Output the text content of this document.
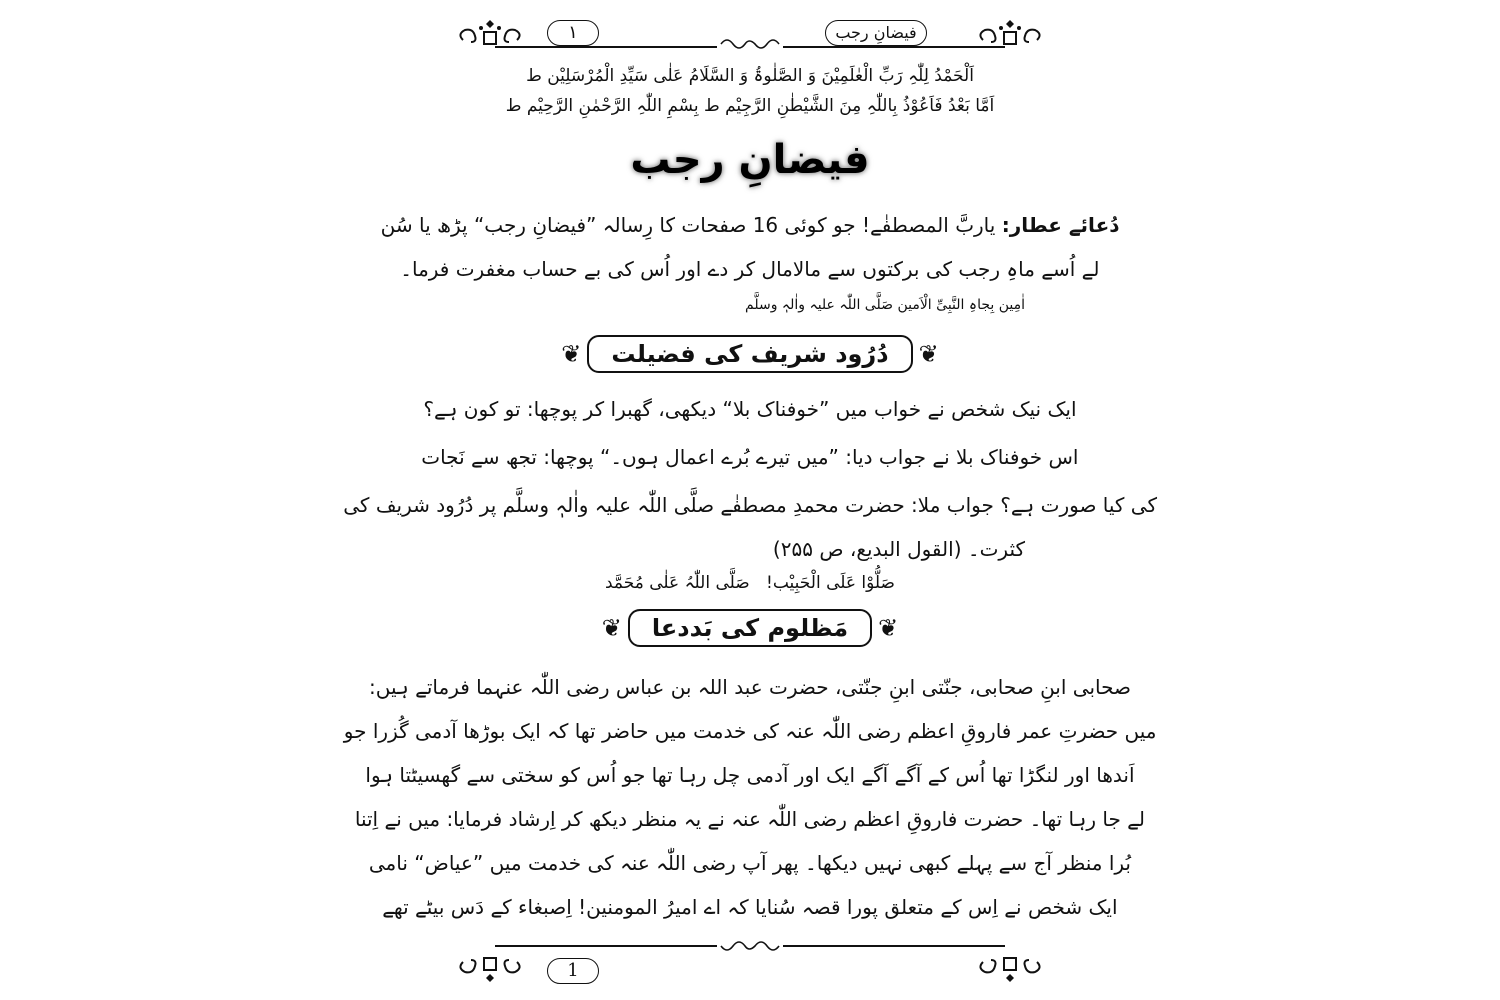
۱	فیضانِ رجب
اَلْحَمْدُ لِلّٰہِ رَبِّ الْعٰلَمِیْنَ وَ الصَّلٰوۃُ وَ السَّلَامُ عَلٰی سَیِّدِ الْمُرْسَلِیْن ط
اَمَّا بَعْدُ فَاَعُوْذُ بِاللّٰہِ مِنَ الشَّیْطٰنِ الرَّجِیْم ط بِسْمِ اللّٰہِ الرَّحْمٰنِ الرَّحِیْم ط
فیضانِ رجب
دُعائے عطار: یاربَّ المصطفٰے! جو کوئی 16 صفحات کا رِسالہ ”فیضانِ رجب“ پڑھ یا سُن
لے اُسے ماہِ رجب کی برکتوں سے مالامال کر دے اور اُس کی بے حساب مغفرت فرما۔
اٰمِین بِجاہِ النَّبِیِّ الْاَمین صَلَّی اللّٰہ علیہ واٰلہٖ وسلَّم
❦	دُرُود شریف کی فضیلت	❦
ایک نیک شخص نے خواب میں ”خوفناک بلا“ دیکھی، گھبرا کر پوچھا: تو کون ہے؟
اس خوفناک بلا نے جواب دیا: ”میں تیرے بُرے اعمال ہوں۔“ پوچھا: تجھ سے نَجات
کی کیا صورت ہے؟ جواب ملا: حضرت محمدِ مصطفٰے صلَّی اللّٰہ علیہ واٰلہٖ وسلَّم پر دُرُود شریف کی
کثرت۔ (القول البدیع، ص ۲۵۵)
صَلُّوْا عَلَی الْحَبِیْب!
صَلَّی اللّٰہُ عَلٰی مُحَمَّد
❦	مَظلوم کی بَددعا	❦
صحابی ابنِ صحابی، جنّتی ابنِ جنّتی، حضرت عبد اللہ بن عباس رضی اللّٰہ عنہما فرماتے ہیں:
میں حضرتِ عمر فاروقِ اعظم رضی اللّٰہ عنہ کی خدمت میں حاضر تھا کہ ایک بوڑھا آدمی گُزرا جو
اَندھا اور لنگڑا تھا اُس کے آگے آگے ایک اور آدمی چل رہا تھا جو اُس کو سختی سے گھسیٹتا ہوا
لے جا رہا تھا۔ حضرت فاروقِ اعظم رضی اللّٰہ عنہ نے یہ منظر دیکھ کر اِرشاد فرمایا: میں نے اِتنا
بُرا منظر آج سے پہلے کبھی نہیں دیکھا۔ پھر آپ رضی اللّٰہ عنہ کی خدمت میں ”عیاض“ نامی
ایک شخص نے اِس کے متعلق پورا قصہ سُنایا کہ اے امیرُ المومنین! اِصبغاء کے دَس بیٹے تھے
1
